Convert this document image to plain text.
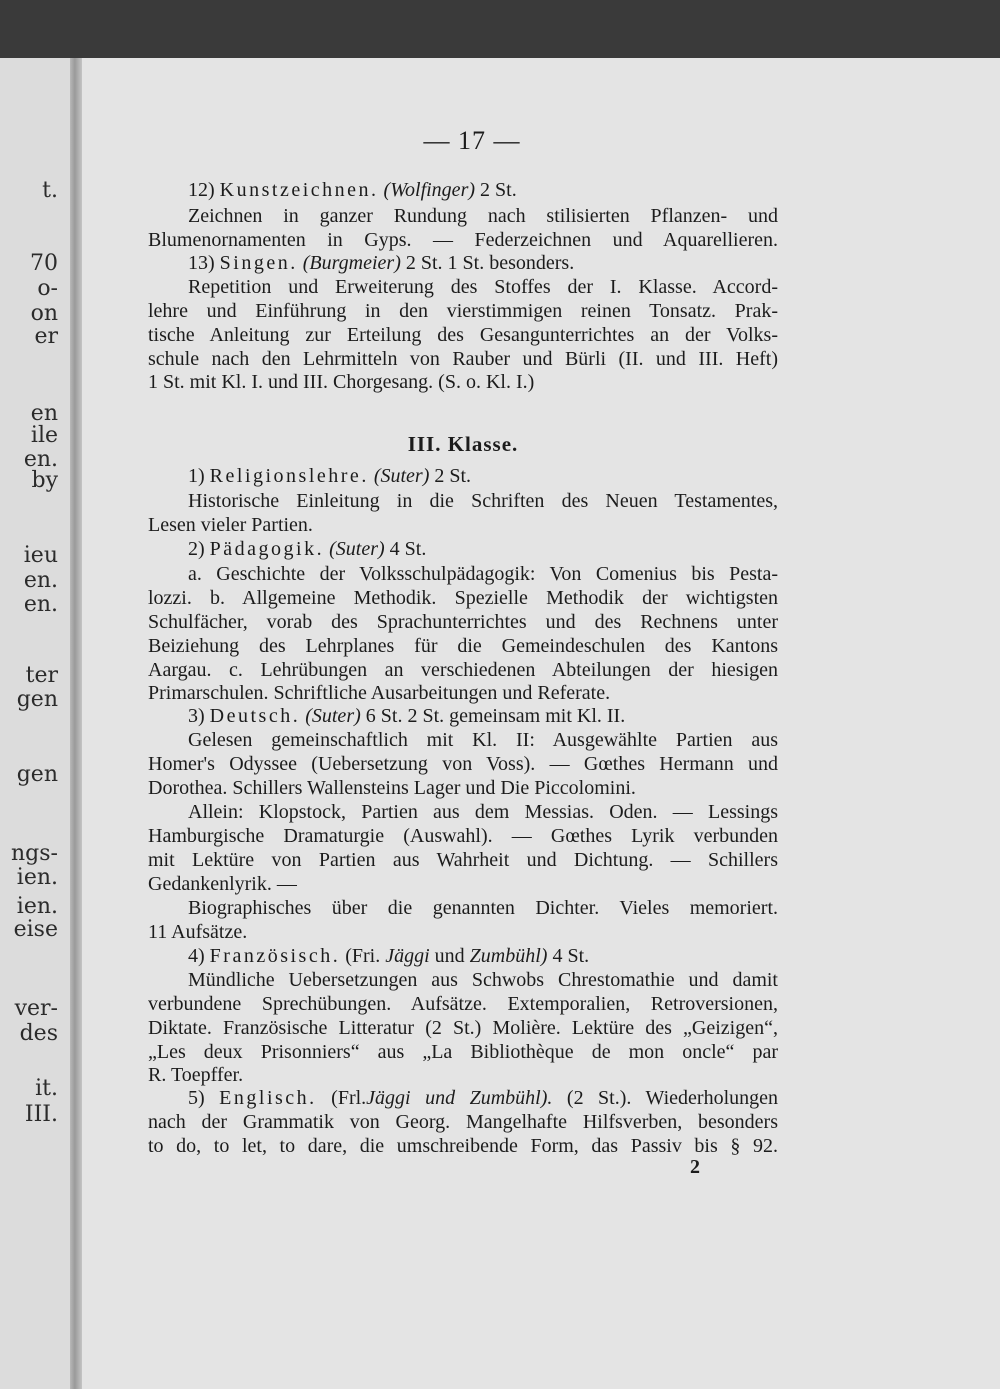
t.
70
o-
on
er
en
ile
en.
by
ieu
en.
en.
ter
gen
gen
ngs-
ien.
ien.
eise
ver-
des
it.
III.
— 17 —
12) Kunstzeichnen. (Wolfinger) 2 St.
Zeichnen in ganzer Rundung nach stilisierten Pflanzen- und
Blumenornamenten in Gyps. — Federzeichnen und Aquarellieren.
13) Singen. (Burgmeier) 2 St. 1 St. besonders.
Repetition und Erweiterung des Stoffes der I. Klasse. Accord-
lehre und Einführung in den vierstimmigen reinen Tonsatz. Prak-
tische Anleitung zur Erteilung des Gesangunterrichtes an der Volks-
schule nach den Lehrmitteln von Rauber und Bürli (II. und III. Heft)
1 St. mit Kl. I. und III. Chorgesang. (S. o. Kl. I.)
III. Klasse.
1) Religionslehre. (Suter) 2 St.
Historische Einleitung in die Schriften des Neuen Testamentes,
Lesen vieler Partien.
2) Pädagogik. (Suter) 4 St.
a. Geschichte der Volksschulpädagogik: Von Comenius bis Pesta-
lozzi. b. Allgemeine Methodik. Spezielle Methodik der wichtigsten
Schulfächer, vorab des Sprachunterrichtes und des Rechnens unter
Beiziehung des Lehrplanes für die Gemeindeschulen des Kantons
Aargau. c. Lehrübungen an verschiedenen Abteilungen der hiesigen
Primarschulen. Schriftliche Ausarbeitungen und Referate.
3) Deutsch. (Suter) 6 St. 2 St. gemeinsam mit Kl. II.
Gelesen gemeinschaftlich mit Kl. II: Ausgewählte Partien aus
Homer's Odyssee (Uebersetzung von Voss). — Gœthes Hermann und
Dorothea. Schillers Wallensteins Lager und Die Piccolomini.
Allein: Klopstock, Partien aus dem Messias. Oden. — Lessings
Hamburgische Dramaturgie (Auswahl). — Gœthes Lyrik verbunden
mit Lektüre von Partien aus Wahrheit und Dichtung. — Schillers
Gedankenlyrik. —
Biographisches über die genannten Dichter. Vieles memoriert.
11 Aufsätze.
4) Französisch. (Fri. Jäggi und Zumbühl) 4 St.
Mündliche Uebersetzungen aus Schwobs Chrestomathie und damit
verbundene Sprechübungen. Aufsätze. Extemporalien, Retroversionen,
Diktate. Französische Litteratur (2 St.) Molière. Lektüre des „Geizigen“,
„Les deux Prisonniers“ aus „La Bibliothèque de mon oncle“ par
R. Toepffer.
5) Englisch. (Frl.Jäggi und Zumbühl). (2 St.). Wiederholungen
nach der Grammatik von Georg. Mangelhafte Hilfsverben, besonders
to do, to let, to dare, die umschreibende Form, das Passiv bis § 92.
2
